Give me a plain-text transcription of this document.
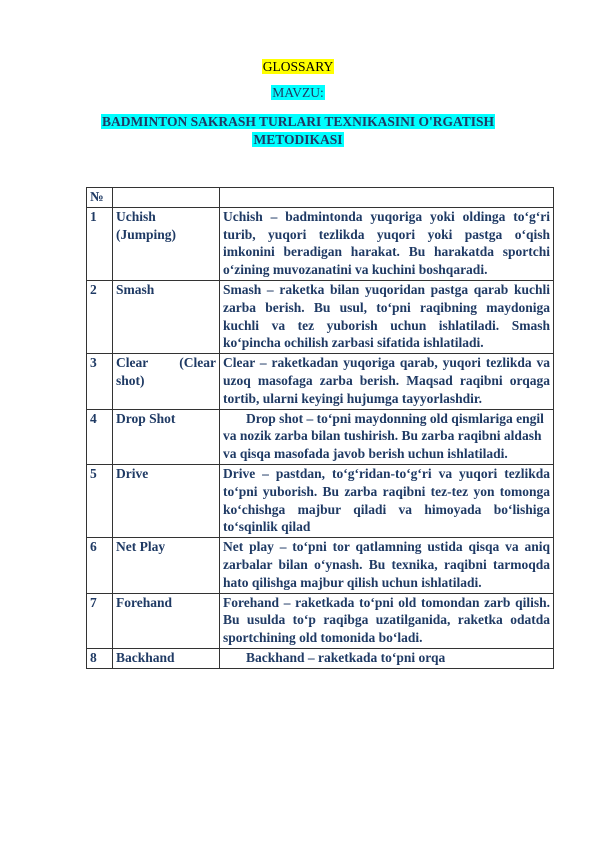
GLOSSARY
MAVZU:
BADMINTON SAKRASH TURLARI TEXNIKASINI O'RGATISH METODIKASI
№		
1	Uchish (Jumping)	Uchish – badmintonda yuqoriga yoki oldinga to‘g‘ri turib, yuqori tezlikda yuqori yoki pastga o‘qish imkonini beradigan harakat. Bu harakatda sportchi o‘zining muvozanatini va kuchini boshqaradi.
2	Smash	Smash – raketka bilan yuqoridan pastga qarab kuchli zarba berish. Bu usul, to‘pni raqibning maydoniga kuchli va tez yuborish uchun ishlatiladi. Smash ko‘pincha ochilish zarbasi sifatida ishlatiladi.
3	Clear (Clear shot)	Clear – raketkadan yuqoriga qarab, yuqori tezlikda va uzoq masofaga zarba berish. Maqsad raqibni orqaga tortib, ularni keyingi hujumga tayyorlashdir.
4	Drop Shot	Drop shot – to‘pni maydonning old qismlariga engil va nozik zarba bilan tushirish. Bu zarba raqibni aldash va qisqa masofada javob berish uchun ishlatiladi.
5	Drive	Drive – pastdan, to‘g‘ridan-to‘g‘ri va yuqori tezlikda to‘pni yuborish. Bu zarba raqibni tez-tez yon tomonga ko‘chishga majbur qiladi va himoyada bo‘lishiga to‘sqinlik qilad
6	Net Play	Net play – to‘pni tor qatlamning ustida qisqa va aniq zarbalar bilan o‘ynash. Bu texnika, raqibni tarmoqda hato qilishga majbur qilish uchun ishlatiladi.
7	Forehand	Forehand – raketkada to‘pni old tomondan zarb qilish. Bu usulda to‘p raqibga uzatilganida, raketka odatda sportchining old tomonida bo‘ladi.
8	Backhand	Backhand – raketkada to‘pni orqa
